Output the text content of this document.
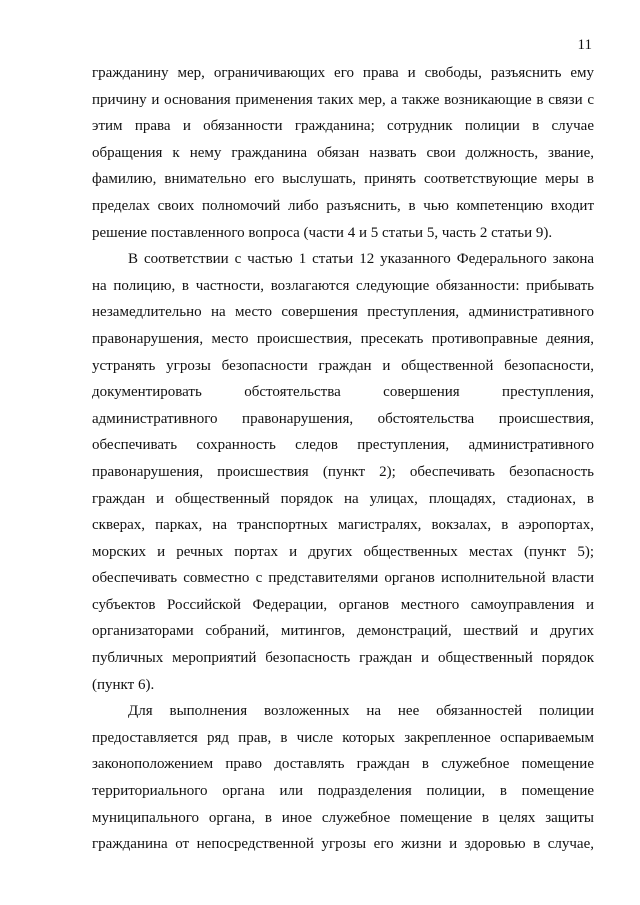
11
гражданину мер, ограничивающих его права и свободы, разъяснить ему
причину и основания применения таких мер, а также возникающие в связи с
этим права и обязанности гражданина; сотрудник полиции в случае
обращения к нему гражданина обязан назвать свои должность, звание,
фамилию, внимательно его выслушать, принять соответствующие меры в
пределах своих полномочий либо разъяснить, в чью компетенцию входит
решение поставленного вопроса (части 4 и 5 статьи 5, часть 2 статьи 9).
В соответствии с частью 1 статьи 12 указанного Федерального закона
на полицию, в частности, возлагаются следующие обязанности: прибывать
незамедлительно на место совершения преступления, административного
правонарушения, место происшествия, пресекать противоправные деяния,
устранять угрозы безопасности граждан и общественной безопасности,
документировать обстоятельства совершения преступления,
административного правонарушения, обстоятельства происшествия,
обеспечивать сохранность следов преступления, административного
правонарушения, происшествия (пункт 2); обеспечивать безопасность
граждан и общественный порядок на улицах, площадях, стадионах, в
скверах, парках, на транспортных магистралях, вокзалах, в аэропортах,
морских и речных портах и других общественных местах (пункт 5);
обеспечивать совместно с представителями органов исполнительной власти
субъектов Российской Федерации, органов местного самоуправления и
организаторами собраний, митингов, демонстраций, шествий и других
публичных мероприятий безопасность граждан и общественный порядок
(пункт 6).
Для выполнения возложенных на нее обязанностей полиции
предоставляется ряд прав, в числе которых закрепленное оспариваемым
законоположением право доставлять граждан в служебное помещение
территориального органа или подразделения полиции, в помещение
муниципального органа, в иное служебное помещение в целях защиты
гражданина от непосредственной угрозы его жизни и здоровью в случае,
